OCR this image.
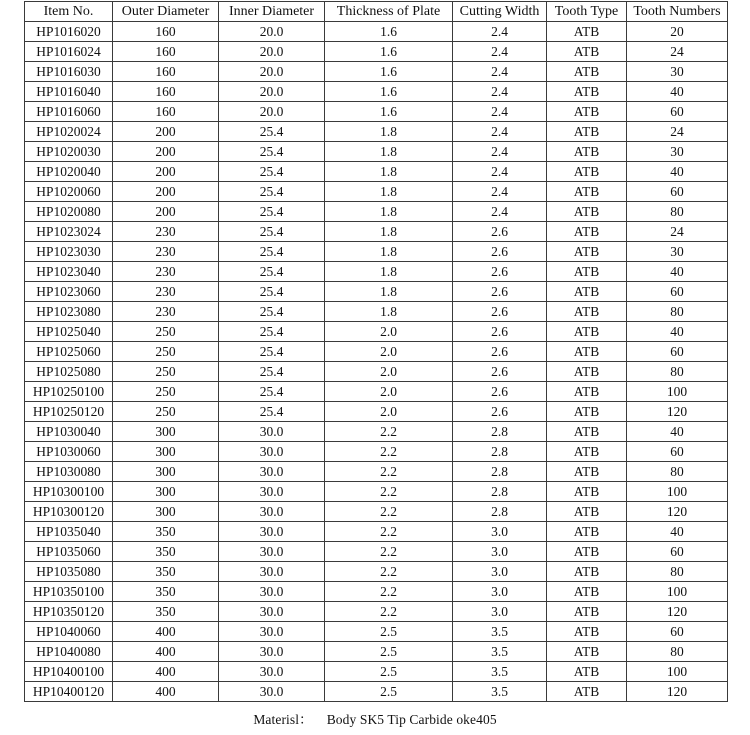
Item No.	Outer Diameter	Inner Diameter	Thickness of Plate	Cutting Width	Tooth Type	Tooth Numbers
HP1016020	160	20.0	1.6	2.4	ATB	20
HP1016024	160	20.0	1.6	2.4	ATB	24
HP1016030	160	20.0	1.6	2.4	ATB	30
HP1016040	160	20.0	1.6	2.4	ATB	40
HP1016060	160	20.0	1.6	2.4	ATB	60
HP1020024	200	25.4	1.8	2.4	ATB	24
HP1020030	200	25.4	1.8	2.4	ATB	30
HP1020040	200	25.4	1.8	2.4	ATB	40
HP1020060	200	25.4	1.8	2.4	ATB	60
HP1020080	200	25.4	1.8	2.4	ATB	80
HP1023024	230	25.4	1.8	2.6	ATB	24
HP1023030	230	25.4	1.8	2.6	ATB	30
HP1023040	230	25.4	1.8	2.6	ATB	40
HP1023060	230	25.4	1.8	2.6	ATB	60
HP1023080	230	25.4	1.8	2.6	ATB	80
HP1025040	250	25.4	2.0	2.6	ATB	40
HP1025060	250	25.4	2.0	2.6	ATB	60
HP1025080	250	25.4	2.0	2.6	ATB	80
HP10250100	250	25.4	2.0	2.6	ATB	100
HP10250120	250	25.4	2.0	2.6	ATB	120
HP1030040	300	30.0	2.2	2.8	ATB	40
HP1030060	300	30.0	2.2	2.8	ATB	60
HP1030080	300	30.0	2.2	2.8	ATB	80
HP10300100	300	30.0	2.2	2.8	ATB	100
HP10300120	300	30.0	2.2	2.8	ATB	120
HP1035040	350	30.0	2.2	3.0	ATB	40
HP1035060	350	30.0	2.2	3.0	ATB	60
HP1035080	350	30.0	2.2	3.0	ATB	80
HP10350100	350	30.0	2.2	3.0	ATB	100
HP10350120	350	30.0	2.2	3.0	ATB	120
HP1040060	400	30.0	2.5	3.5	ATB	60
HP1040080	400	30.0	2.5	3.5	ATB	80
HP10400100	400	30.0	2.5	3.5	ATB	100
HP10400120	400	30.0	2.5	3.5	ATB	120
Materisl： Body SK5 Tip Carbide oke405
